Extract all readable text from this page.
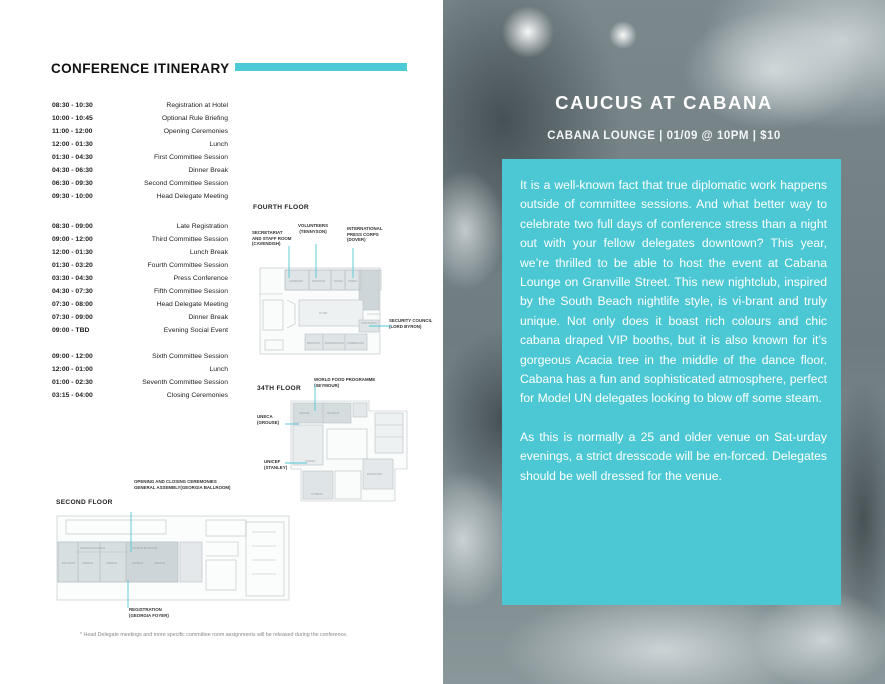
CONFERENCE ITINERARY
08:30 - 10:30	Registration at Hotel
10:00 - 10:45	Optional Rule Briefing
11:00 - 12:00	Opening Ceremonies
12:00 - 01:30	Lunch
01:30 - 04:30	First Committee Session
04:30 - 06:30	Dinner Break
06:30 - 09:30	Second Committee Session
09:30 - 10:00	Head Delegate Meeting
08:30 - 09:00	Late Registration
09:00 - 12:00	Third Committee Session
12:00 - 01:30	Lunch Break
01:30 - 03:20	Fourth Committee Session
03:30 - 04:30	Press Conference
04:30 - 07:30	Fifth Committee Session
07:30 - 08:00	Head Delegate Meeting
07:30 - 09:00	Dinner Break
09:00 - TBD	Evening Social Event
09:00 - 12:00	Sixth Committee Session
12:00 - 01:00	Lunch
01:00 - 02:30	Seventh Committee Session
03:15 - 04:00	Closing Ceremonies
FOURTH FLOOR
SECRETARIAT
AND STAFF ROOM
(CAVENDISH)
VOLUNTEERS
(TENNYSON)
INTERNATIONAL
PRESS CORPS
(DOVER)
SECURITY COUNCIL
(LORD BYRON)
CAVENDISH	TENNYSON	DOVER TOWER
LORD BYRON
BRIGHTON MARLBOROUGH CUMBERLAND
FOYER
34TH FLOOR
WORLD FOOD PROGRAMME
(SEYMOUR)
UNECA
(GROUSE)
UNICEF
(STANLEY)
GROUSE	SEYMOUR
STANLEY
ENGLISH BAY
CYPRESS
OPENING AND CLOSING CEREMONIES
GENERAL ASSEMBLY(GEORGIA BALLROOM)
SECOND FLOOR
REGISTRATION
(GEORGIA FOYER)
GEORGIA BALLROOM	GEORGIA BALLROOM
BALLROOM	GEORGIA	GEORGIA	GEORGIA	GEORGIA
* Head Delegate meetings and more specific committee room assignments will be released during the conference.
CAUCUS AT CABANA
CABANA LOUNGE | 01/09 @ 10PM | $10

It is a well-known fact that true diplomatic work happens outside of committee sessions. And what better way to celebrate two full days of conference stress than a night out with your fellow delegates downtown? This year, we’re thrilled to be able to host the event at Cabana Lounge on Granville Street. This new nightclub, inspired by the South Beach nightlife style, is vi-brant and truly unique. Not only does it boast rich colours and chic cabana draped VIP booths, but it is also known for it’s gorgeous Acacia tree in the middle of the dance floor. Cabana has a fun and sophisticated atmosphere, perfect for Model UN delegates looking to blow off some steam.

As this is normally a 25 and older venue on Sat-urday evenings, a strict dresscode will be en-forced. Delegates should be well dressed for the venue.
